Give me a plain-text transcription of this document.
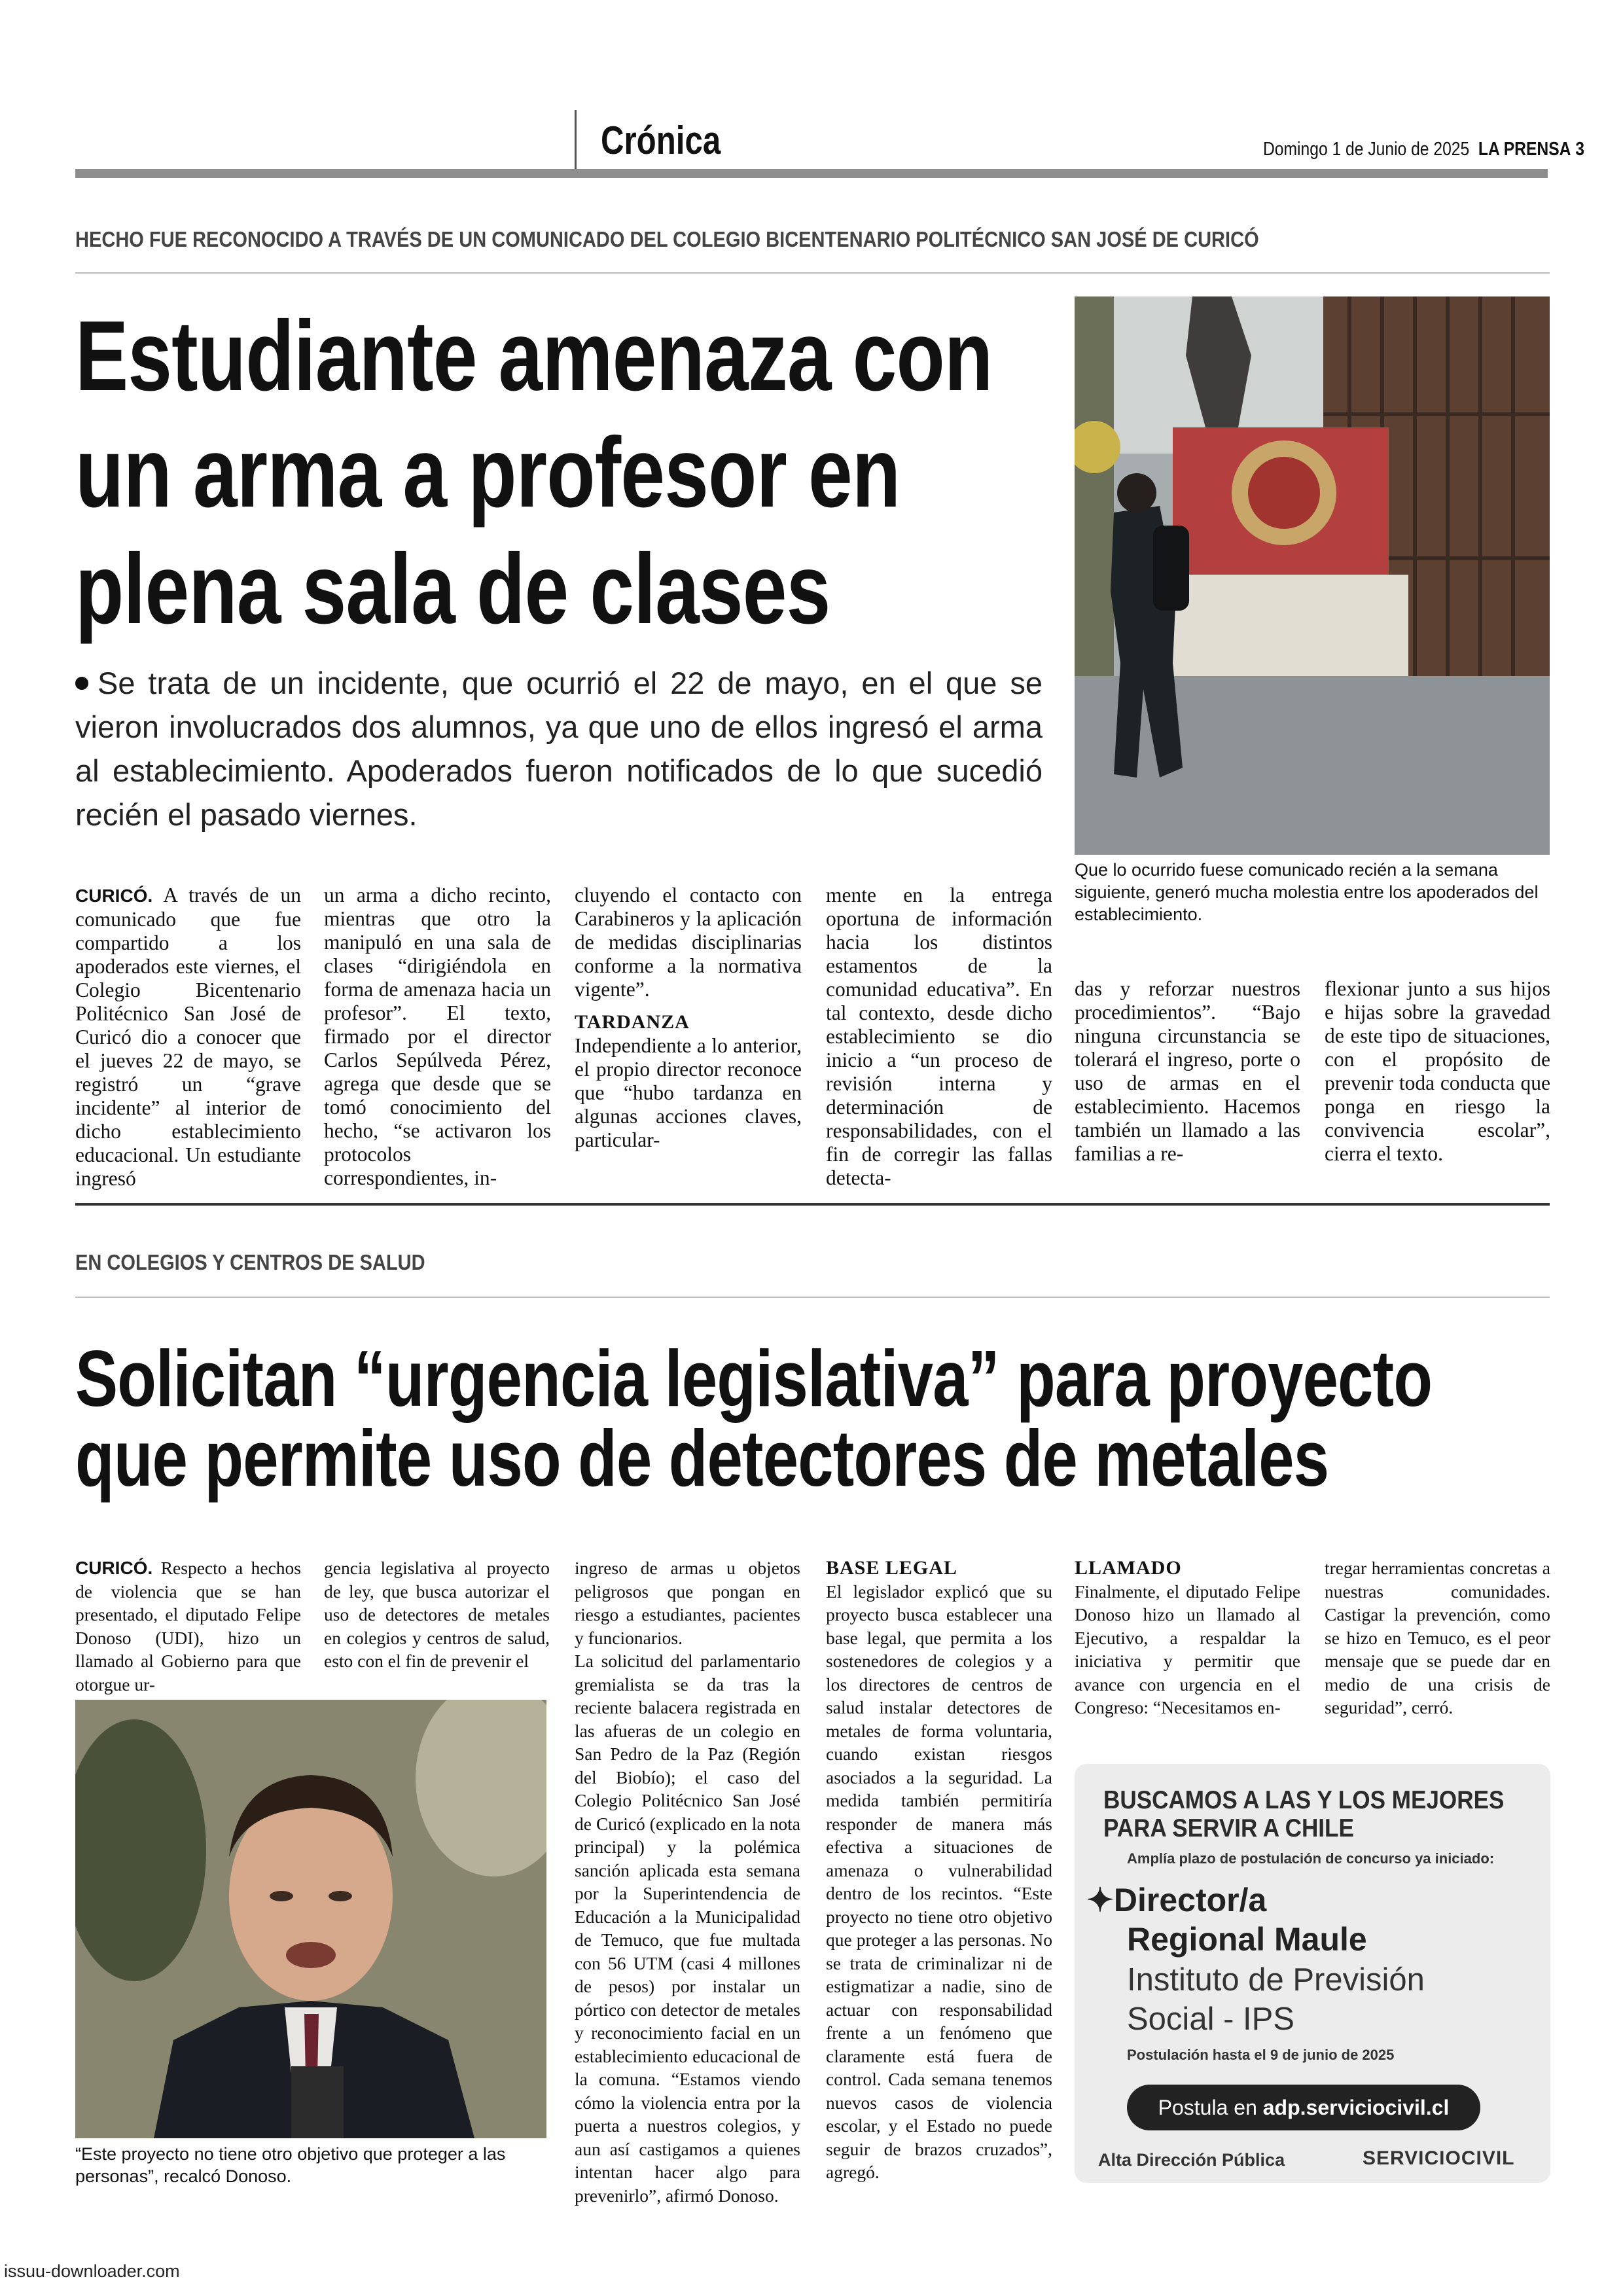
Crónica	Domingo 1 de Junio de 2025 LA PRENSA 3
HECHO FUE RECONOCIDO A TRAVÉS DE UN COMUNICADO DEL COLEGIO BICENTENARIO POLITÉCNICO SAN JOSÉ DE CURICÓ
Estudiante amenaza con
un arma a profesor en
plena sala de clases
Se trata de un incidente, que ocurrió el 22 de mayo, en el que se vieron involucrados dos alumnos, ya que uno de ellos ingresó el arma al establecimiento. Apoderados fueron notificados de lo que sucedió recién el pasado viernes.
Que lo ocurrido fuese comunicado recién a la semana siguiente, generó mucha molestia entre los apoderados del establecimiento.

CURICÓ. A través de un comunicado que fue compartido a los apoderados este viernes, el Colegio Bicentenario Politécnico San José de Curicó dio a conocer que el jueves 22 de mayo, se registró un “grave incidente” al interior de dicho establecimiento educacional. Un estudiante ingresó

un arma a dicho recinto, mientras que otro la manipuló en una sala de clases “dirigiéndola en forma de amenaza hacia un profesor”. El texto, firmado por el director Carlos Sepúlveda Pérez, agrega que desde que se tomó conocimiento del hecho, “se activaron los protocolos correspondientes, in-

cluyendo el contacto con Carabineros y la aplicación de medidas disciplinarias conforme a la normativa vigente”.

TARDANZA

Independiente a lo anterior, el propio director reconoce que “hubo tardanza en algunas acciones claves, particular-

mente en la entrega oportuna de información hacia los distintos estamentos de la comunidad educativa”. En tal contexto, desde dicho establecimiento se dio inicio a “un proceso de revisión interna y determinación de responsabilidades, con el fin de corregir las fallas detecta-

das y reforzar nuestros procedimientos”. “Bajo ninguna circunstancia se tolerará el ingreso, porte o uso de armas en el establecimiento. Hacemos también un llamado a las familias a re-

flexionar junto a sus hijos e hijas sobre la gravedad de este tipo de situaciones, con el propósito de prevenir toda conducta que ponga en riesgo la convivencia escolar”, cierra el texto.

EN COLEGIOS Y CENTROS DE SALUD
Solicitan “urgencia legislativa” para proyecto
que permite uso de detectores de metales

CURICÓ. Respecto a hechos de violencia que se han presentado, el diputado Felipe Donoso (UDI), hizo un llamado al Gobierno para que otorgue ur-

gencia legislativa al proyecto de ley, que busca autorizar el uso de detectores de metales en colegios y centros de salud, esto con el fin de prevenir el

ingreso de armas u objetos peligrosos que pongan en riesgo a estudiantes, pacientes y funcionarios.

La solicitud del parlamentario gremialista se da tras la reciente balacera registrada en las afueras de un colegio en San Pedro de la Paz (Región del Biobío); el caso del Colegio Politécnico San José de Curicó (explicado en la nota principal) y la polémica sanción aplicada esta semana por la Superintendencia de Educación a la Municipalidad de Temuco, que fue multada con 56 UTM (casi 4 millones de pesos) por instalar un pórtico con detector de metales y reconocimiento facial en un establecimiento educacional de la comuna. “Estamos viendo cómo la violencia entra por la puerta a nuestros colegios, y aun así castigamos a quienes intentan hacer algo para prevenirlo”, afirmó Donoso.

BASE LEGAL

El legislador explicó que su proyecto busca establecer una base legal, que permita a los sostenedores de colegios y a los directores de centros de salud instalar detectores de metales de forma voluntaria, cuando existan riesgos asociados a la seguridad. La medida también permitiría responder de manera más efectiva a situaciones de amenaza o vulnerabilidad dentro de los recintos. “Este proyecto no tiene otro objetivo que proteger a las personas. No se trata de criminalizar ni de estigmatizar a nadie, sino de actuar con responsabilidad frente a un fenómeno que claramente está fuera de control. Cada semana tenemos nuevos casos de violencia escolar, y el Estado no puede seguir de brazos cruzados”, agregó.

LLAMADO

Finalmente, el diputado Felipe Donoso hizo un llamado al Ejecutivo, a respaldar la iniciativa y permitir que avance con urgencia en el Congreso: “Necesitamos en-

tregar herramientas concretas a nuestras comunidades. Castigar la prevención, como se hizo en Temuco, es el peor mensaje que se puede dar en medio de una crisis de seguridad”, cerró.

“Este proyecto no tiene otro objetivo que proteger a las personas”, recalcó Donoso.
BUSCAMOS A LAS Y LOS MEJORES
PARA SERVIR A CHILE
Amplía plazo de postulación de concurso ya iniciado:
✦Director/a
Regional Maule
Instituto de Previsión
Social - IPS
Postulación hasta el 9 de junio de 2025
Postula en adp.serviciocivil.cl
Alta Dirección Pública	SERVICIOCIVIL
issuu-downloader.com
